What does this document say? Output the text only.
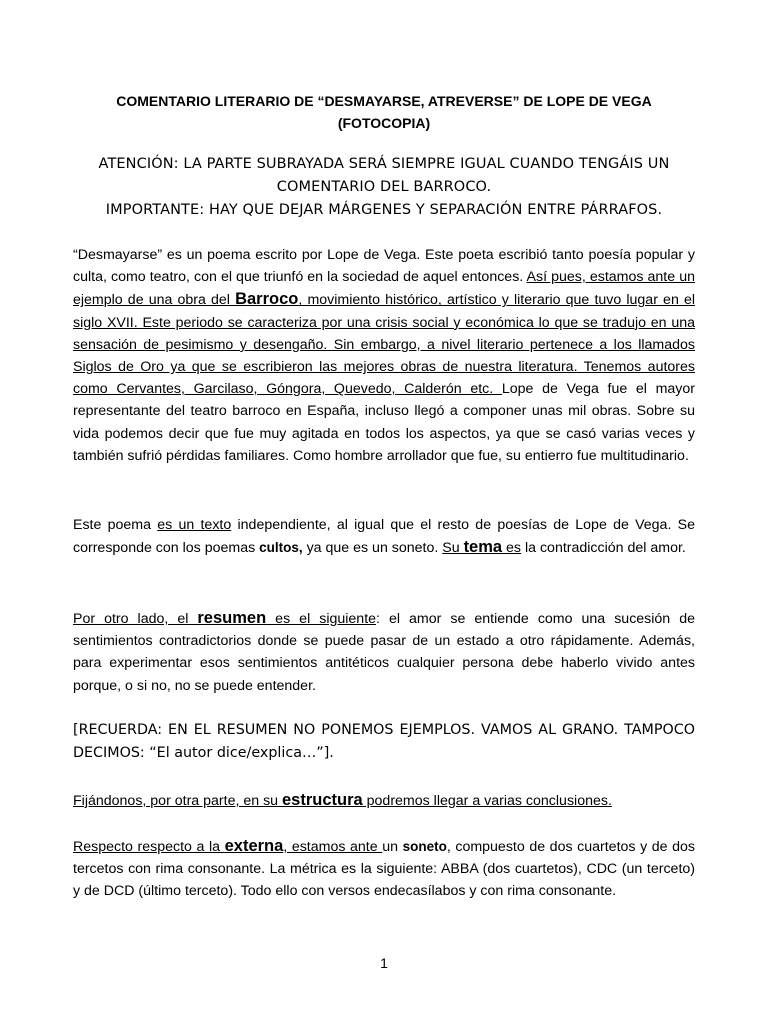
COMENTARIO LITERARIO DE “DESMAYARSE, ATREVERSE” DE LOPE DE VEGA
(FOTOCOPIA)
ATENCIÓN: LA PARTE SUBRAYADA SERÁ SIEMPRE IGUAL CUANDO TENGÁIS UN
COMENTARIO DEL BARROCO.
IMPORTANTE: HAY QUE DEJAR MÁRGENES Y SEPARACIÓN ENTRE PÁRRAFOS.

“Desmayarse” es un poema escrito por Lope de Vega. Este poeta escribió tanto poesía popular y culta, como teatro, con el que triunfó en la sociedad de aquel entonces. Así pues, estamos ante un ejemplo de una obra del Barroco, movimiento histórico, artístico y literario que tuvo lugar en el siglo XVII. Este periodo se caracteriza por una crisis social y económica lo que se tradujo en una sensación de pesimismo y desengaño. Sin embargo, a nivel literario pertenece a los llamados Siglos de Oro ya que se escribieron las mejores obras de nuestra literatura. Tenemos autores como Cervantes, Garcilaso, Góngora, Quevedo, Calderón etc. Lope de Vega fue el mayor representante del teatro barroco en España, incluso llegó a componer unas mil obras. Sobre su vida podemos decir que fue muy agitada en todos los aspectos, ya que se casó varias veces y también sufrió pérdidas familiares. Como hombre arrollador que fue, su entierro fue multitudinario.

Este poema es un texto independiente, al igual que el resto de poesías de Lope de Vega. Se corresponde con los poemas cultos, ya que es un soneto. Su tema es la contradicción del amor.

Por otro lado, el resumen es el siguiente: el amor se entiende como una sucesión de sentimientos contradictorios donde se puede pasar de un estado a otro rápidamente. Además, para experimentar esos sentimientos antitéticos cualquier persona debe haberlo vivido antes porque, o si no, no se puede entender.

[RECUERDA: EN EL RESUMEN NO PONEMOS EJEMPLOS. VAMOS AL GRANO. TAMPOCO DECIMOS: “El autor dice/explica…”].

Fijándonos, por otra parte, en su estructura podremos llegar a varias conclusiones.

Respecto respecto a la externa, estamos ante un soneto, compuesto de dos cuartetos y de dos tercetos con rima consonante. La métrica es la siguiente: ABBA (dos cuartetos), CDC (un terceto) y de DCD (último terceto). Todo ello con versos endecasílabos y con rima consonante.

1
